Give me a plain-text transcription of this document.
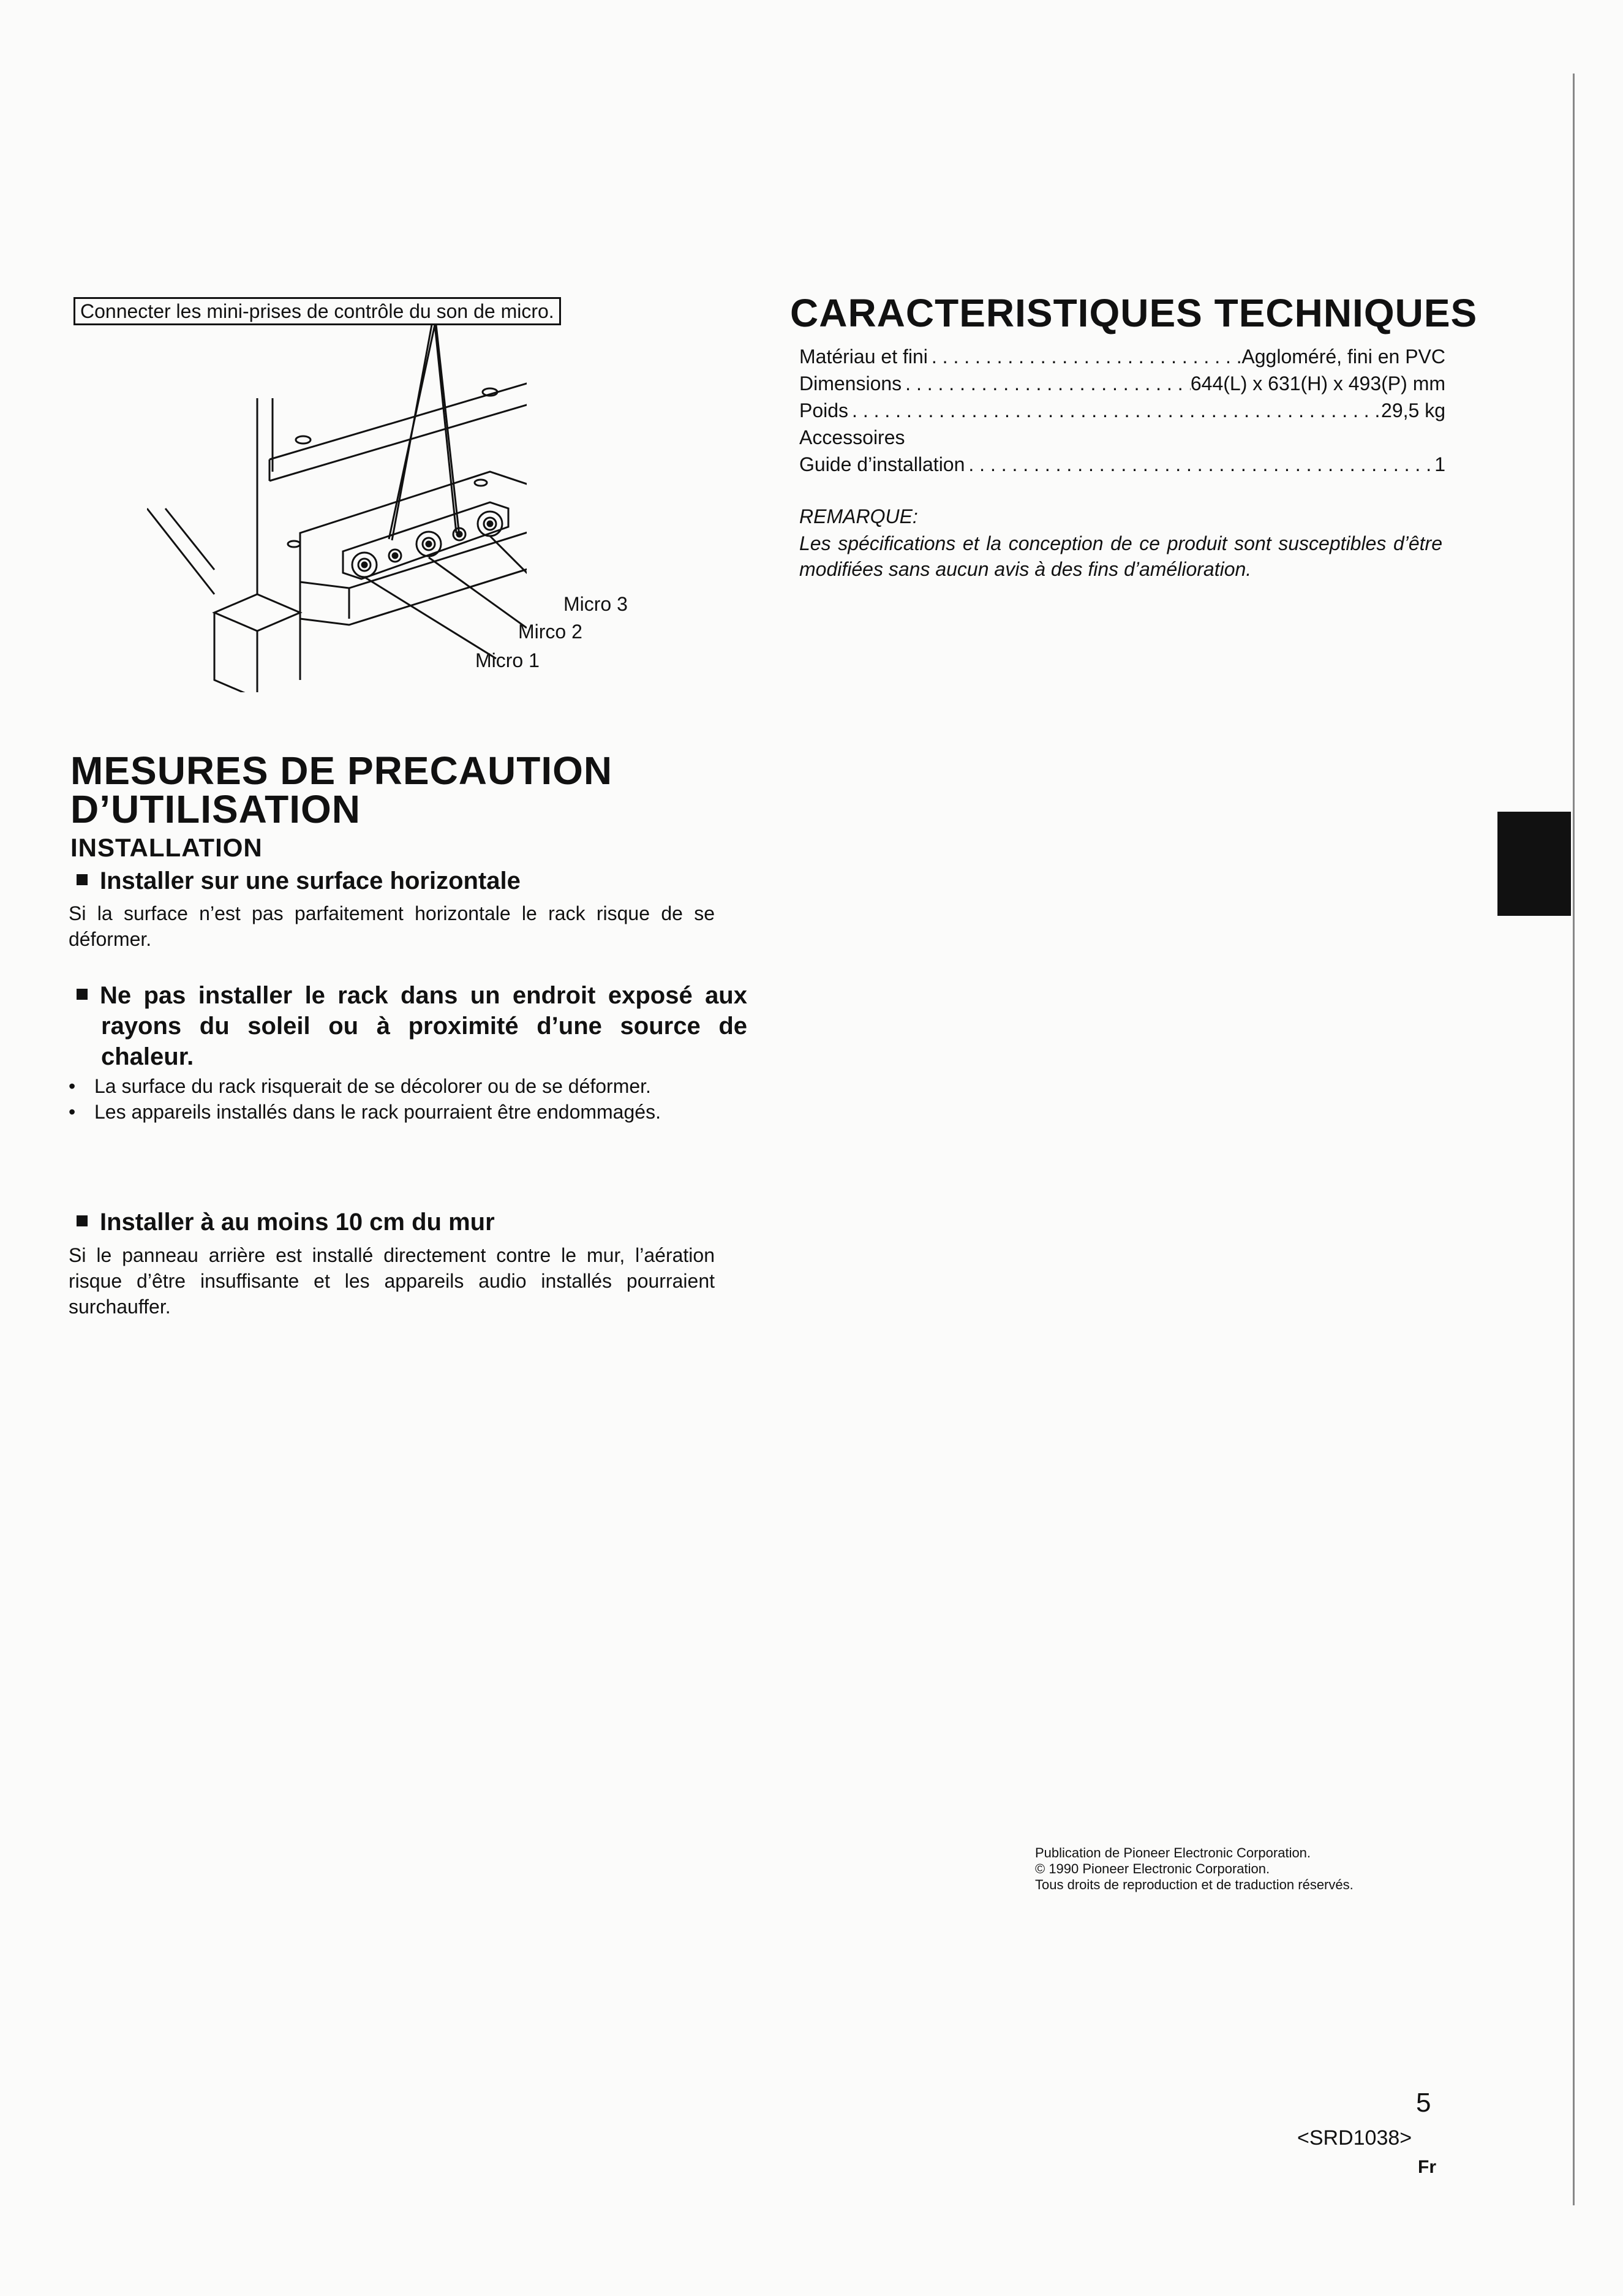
Connecter les mini-prises de contrôle du son de micro.
Micro 3
Mirco 2
Micro 1
CARACTERISTIQUES TECHNIQUES
Matériau et fini . . .	Aggloméré, fini en PVC
Dimensions . . .	644(L) x 631(H) x 493(P) mm
Poids . . .	29,5 kg
Accessoires
Guide d’installation . . .	1
REMARQUE:
Les spécifications et la conception de ce produit sont susceptibles d’être modifiées sans aucun avis à des fins d’amélioration.
MESURES DE PRECAUTION
D’UTILISATION
INSTALLATION
Installer sur une surface horizontale
Si la surface n’est pas parfaitement horizontale le rack risque de se déformer.
Ne pas installer le rack dans un endroit exposé aux rayons du soleil ou à proximité d’une source de chaleur.
• La surface du rack risquerait de se décolorer ou de se déformer.
• Les appareils installés dans le rack pourraient être endommagés.
Installer à au moins 10 cm du mur
Si le panneau arrière est installé directement contre le mur, l’aération risque d’être insuffisante et les appareils audio installés pourraient surchauffer.
Publication de Pioneer Electronic Corporation.
© 1990 Pioneer Electronic Corporation.
Tous droits de reproduction et de traduction réservés.
5
<SRD1038>
Fr
